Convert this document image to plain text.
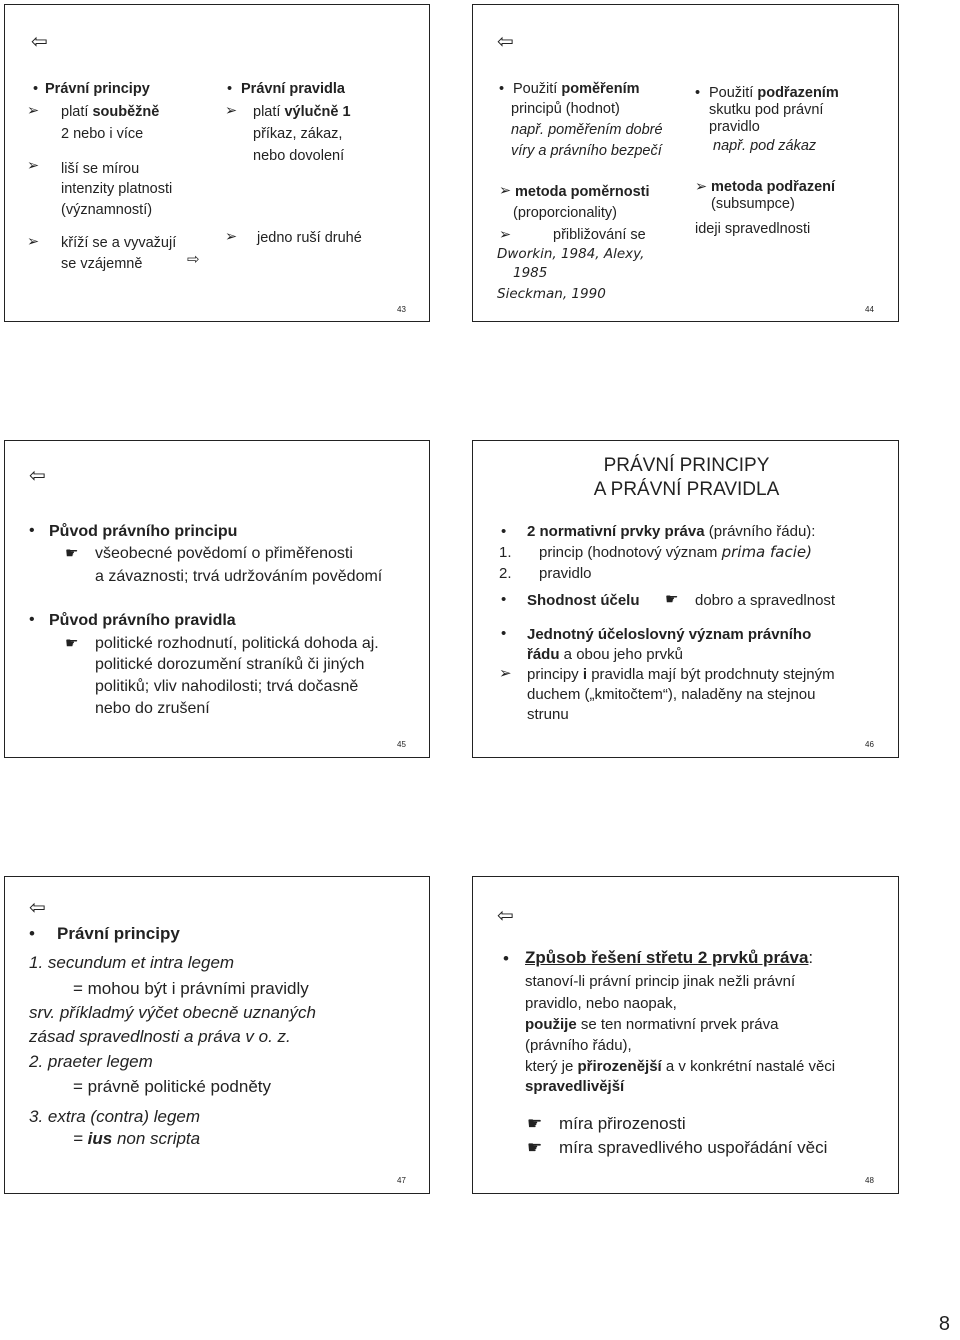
⇦
• Právní principy
➢ platí souběžně
2 nebo i více
➢ liší se mírou
intenzity platnosti
(významností)
➢ kříží se a vyvažují
se vzájemně	⇨
• Právní pravidla
➢ platí výlučně 1
příkaz, zákaz,
nebo dovolení
➢ jedno ruší druhé
43
⇦
• Použití poměřením
principů (hodnot)
např. poměřením dobré
víry a právního bezpečí
➢ metoda poměrnosti
(proporcionality)
➢	přibližování se
Dworkin, 1984, Alexy,
1985
Sieckman, 1990
• Použití podřazením
skutku pod právní
pravidlo
např. pod zákaz
➢ metoda podřazení
(subsumpce)
ideji spravedlnosti
44
⇦
• Původ právního principu
☛ všeobecné povědomí o přiměřenosti
a závaznosti; trvá udržováním povědomí
• Původ právního pravidla
☛ politické rozhodnutí, politická dohoda aj.
politické dorozumění straníků či jiných
politiků; vliv nahodilosti; trvá dočasně
nebo do zrušení
45
PRÁVNÍ PRINCIPY
A PRÁVNÍ PRAVIDLA
• 2 normativní prvky práva (právního řádu):
1. princip (hodnotový význam prima facie)
2. pravidlo
• Shodnost účelu ☛ dobro a spravedlnost
• Jednotný účeloslovný význam právního
řádu a obou jeho prvků
➢ principy i pravidla mají být prodchnuty stejným
duchem („kmitočtem“), naladěny na stejnou
strunu
46
⇦
• Právní principy
1. secundum et intra legem
= mohou být i právními pravidly
srv. příkladmý výčet obecně uznaných
zásad spravedlnosti a práva v o. z.
2. praeter legem
= právně politické podněty
3. extra (contra) legem
= ius non scripta
47
⇦
• Způsob řešení střetu 2 prvků práva:
stanoví-li právní princip jinak nežli právní
pravidlo, nebo naopak,
použije se ten normativní prvek práva
(právního řádu),
který je přirozenější a v konkrétní nastalé věci
spravedlivější
☛ míra přirozenosti
☛ míra spravedlivého uspořádání věci
48
8
